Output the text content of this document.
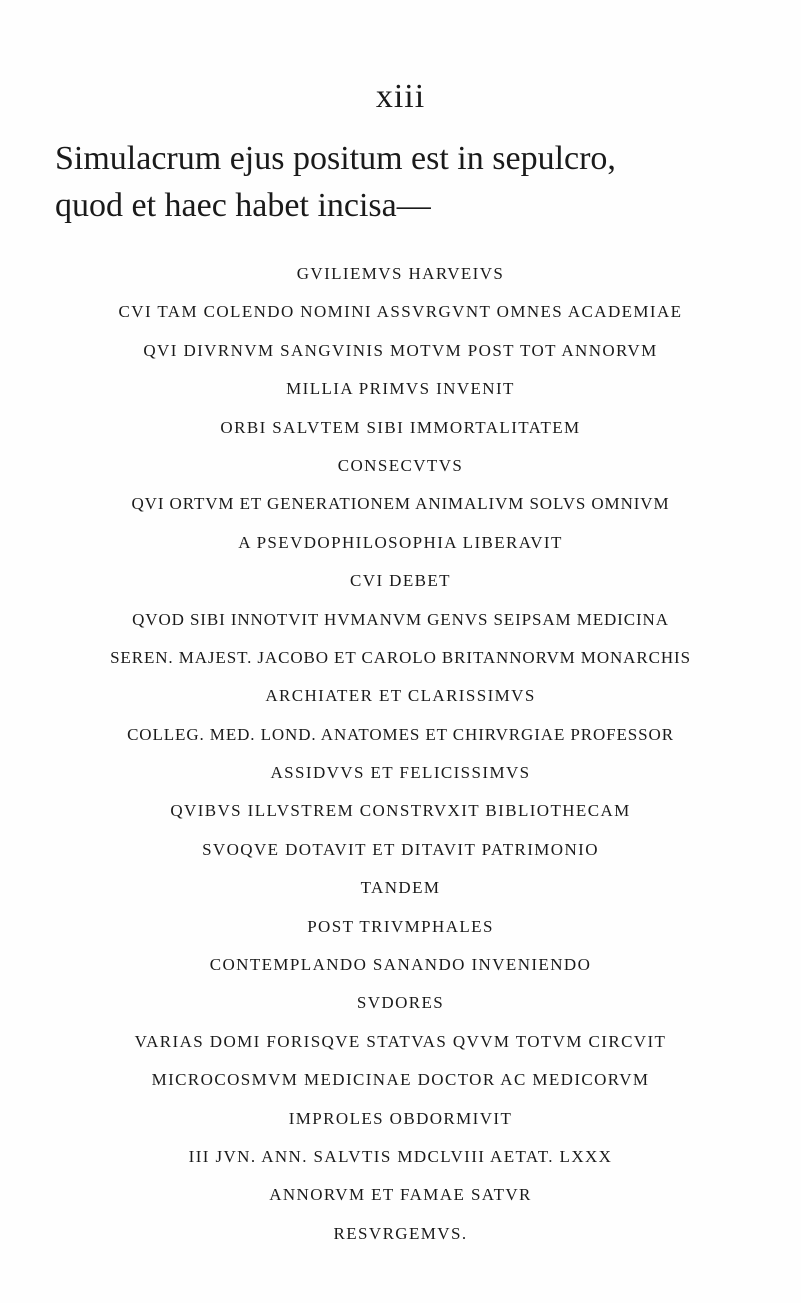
xiii

Simulacrum ejus positum est in sepulcro,

quod et haec habet incisa—

GVILIEMVS HARVEIVS
CVI TAM COLENDO NOMINI ASSVRGVNT OMNES ACADEMIAE
QVI DIVRNVM SANGVINIS MOTVM POST TOT ANNORVM
MILLIA PRIMVS INVENIT
ORBI SALVTEM SIBI IMMORTALITATEM
CONSECVTVS
QVI ORTVM ET GENERATIONEM ANIMALIVM SOLVS OMNIVM
A PSEVDOPHILOSOPHIA LIBERAVIT
CVI DEBET
QVOD SIBI INNOTVIT HVMANVM GENVS SEIPSAM MEDICINA
SEREN. MAJEST. JACOBO ET CAROLO BRITANNORVM MONARCHIS
ARCHIATER ET CLARISSIMVS
COLLEG. MED. LOND. ANATOMES ET CHIRVRGIAE PROFESSOR
ASSIDVVS ET FELICISSIMVS
QVIBVS ILLVSTREM CONSTRVXIT BIBLIOTHECAM
SVOQVE DOTAVIT ET DITAVIT PATRIMONIO
TANDEM
POST TRIVMPHALES
CONTEMPLANDO SANANDO INVENIENDO
SVDORES
VARIAS DOMI FORISQVE STATVAS QVVM TOTVM CIRCVIT
MICROCOSMVM MEDICINAE DOCTOR AC MEDICORVM
IMPROLES OBDORMIVIT
III JVN. ANN. SALVTIS MDCLVIII AETAT. LXXX
ANNORVM ET FAMAE SATVR
RESVRGEMVS.
